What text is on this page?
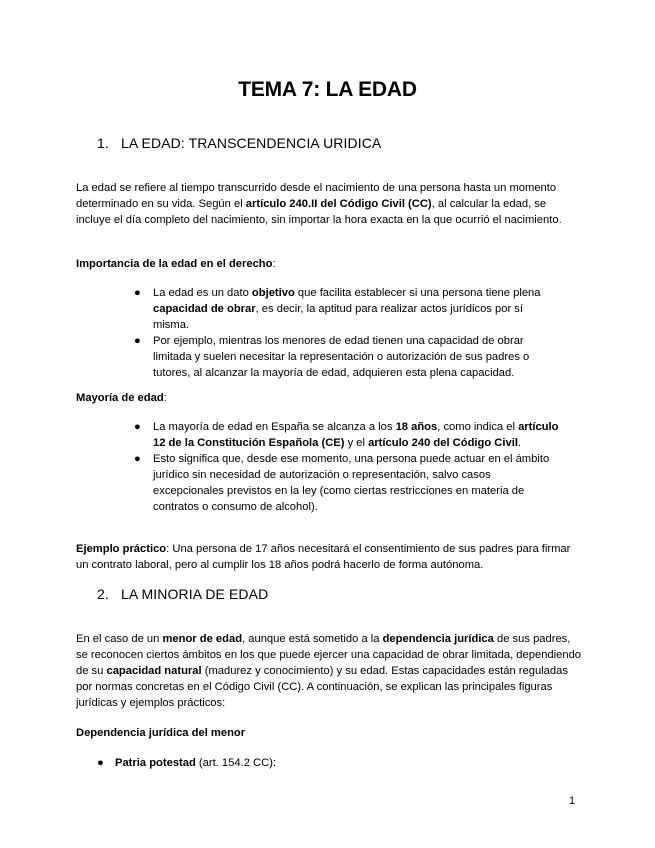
TEMA 7: LA EDAD
1. LA EDAD: TRANSCENDENCIA URIDICA

La edad se refiere al tiempo transcurrido desde el nacimiento de una persona hasta un momento determinado en su vida. Según el artículo 240.II del Código Civil (CC), al calcular la edad, se incluye el día completo del nacimiento, sin importar la hora exacta en la que ocurrió el nacimiento.

Importancia de la edad en el derecho:

● La edad es un dato objetivo que facilita establecer si una persona tiene plena capacidad de obrar, es decir, la aptitud para realizar actos jurídicos por sí misma.
● Por ejemplo, mientras los menores de edad tienen una capacidad de obrar limitada y suelen necesitar la representación o autorización de sus padres o tutores, al alcanzar la mayoría de edad, adquieren esta plena capacidad.

Mayoría de edad:

● La mayoría de edad en España se alcanza a los 18 años, como indica el artículo 12 de la Constitución Española (CE) y el artículo 240 del Código Civil.
● Esto significa que, desde ese momento, una persona puede actuar en el ámbito jurídico sin necesidad de autorización o representación, salvo casos excepcionales previstos en la ley (como ciertas restricciones en materia de contratos o consumo de alcohol).

Ejemplo práctico: Una persona de 17 años necesitará el consentimiento de sus padres para firmar un contrato laboral, pero al cumplir los 18 años podrá hacerlo de forma autónoma.

2. LA MINORIA DE EDAD

En el caso de un menor de edad, aunque está sometido a la dependencia jurídica de sus padres, se reconocen ciertos ámbitos en los que puede ejercer una capacidad de obrar limitada, dependiendo de su capacidad natural (madurez y conocimiento) y su edad. Estas capacidades están reguladas por normas concretas en el Código Civil (CC). A continuación, se explican las principales figuras jurídicas y ejemplos prácticos:

Dependencia jurídica del menor

● Patria potestad (art. 154.2 CC):
1
